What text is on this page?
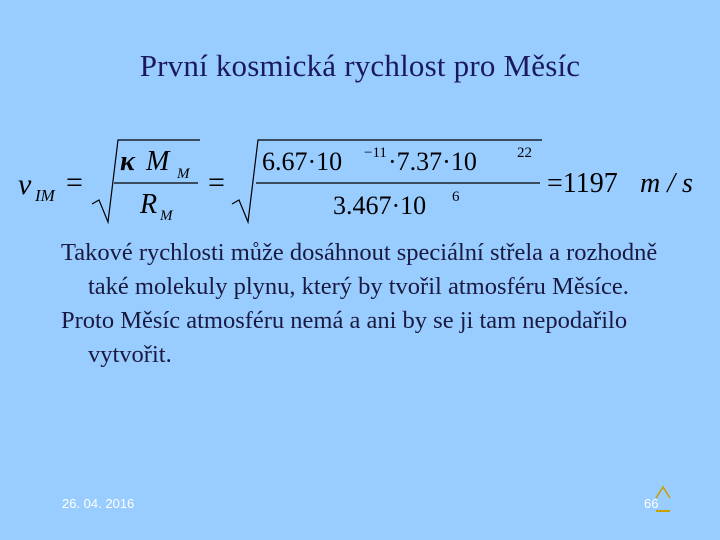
První kosmická rychlost pro Měsíc
v IM =
κ M M
R M
=
6.67·10 −11 ·7.37·10	22
3.467·10 6	=1197 m / s

Takové rychlosti může dosáhnout speciální střela a rozhodně také molekuly plynu, který by tvořil atmosféru Měsíce.

Proto Měsíc atmosféru nemá a ani by se ji tam nepodařilo vytvořit.

26. 04. 2016	66
